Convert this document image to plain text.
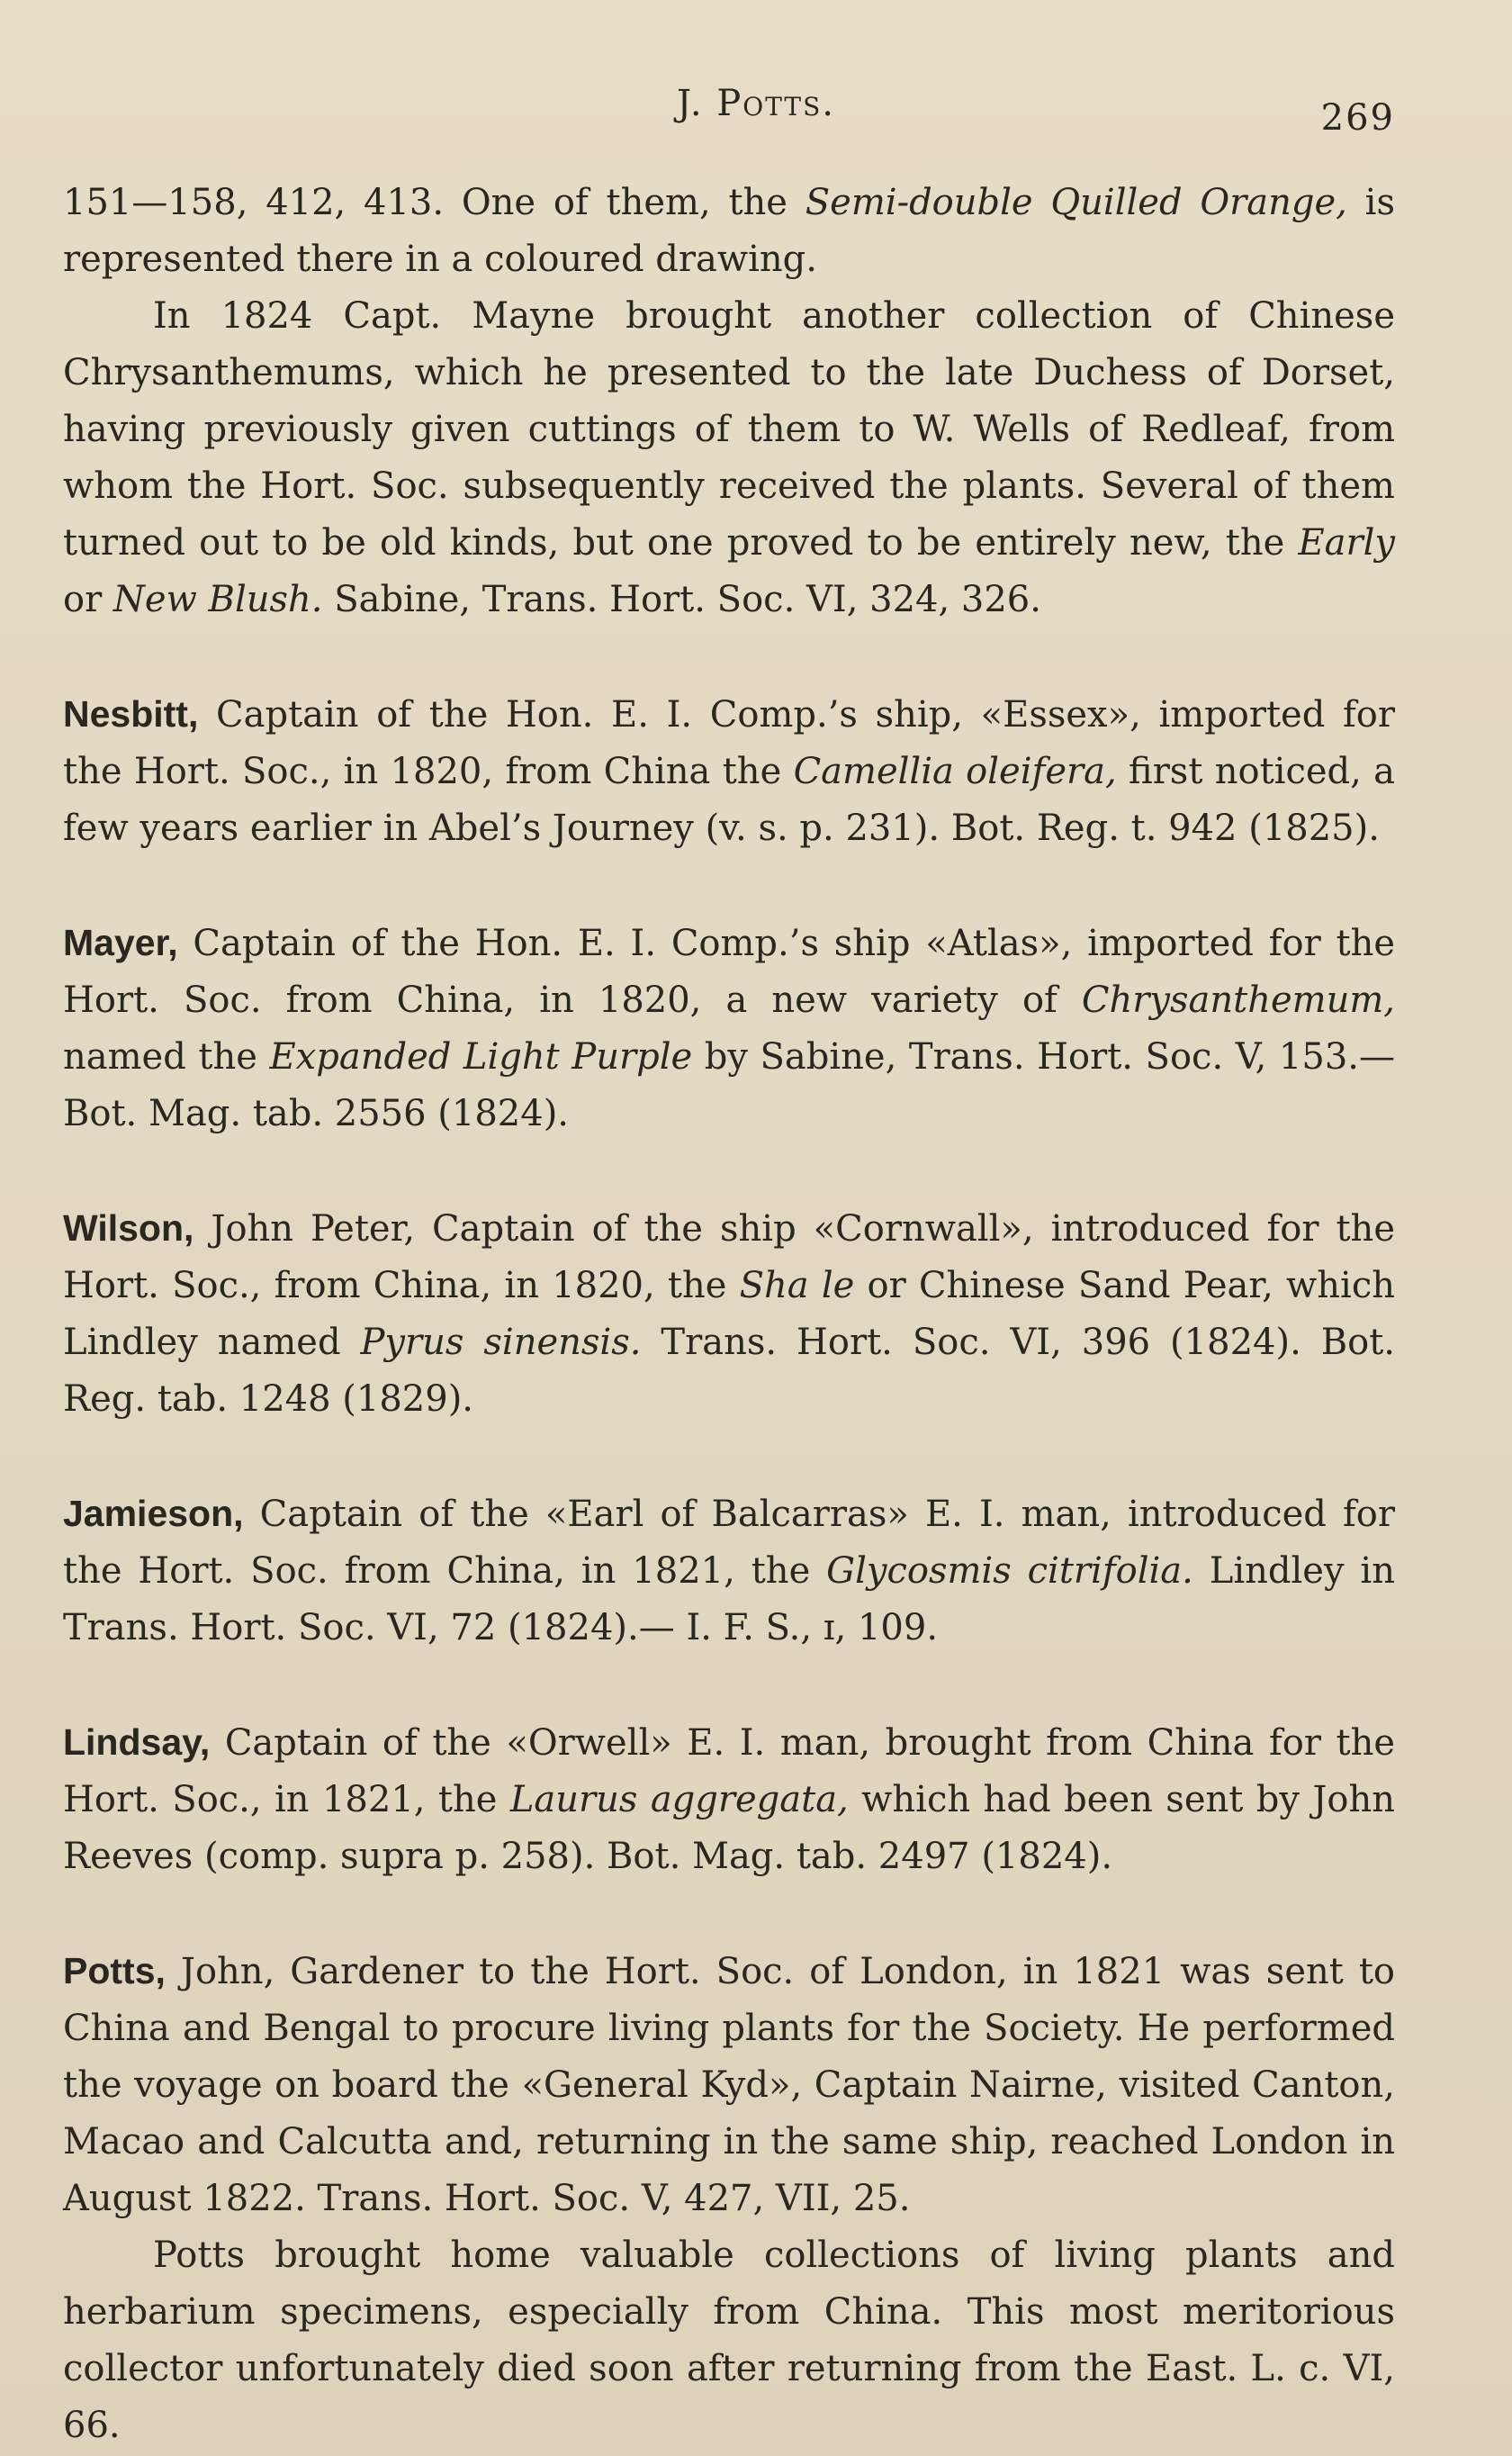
J. Potts.	269

151—158, 412, 413. One of them, the Semi-double Quilled Orange, is represented there in a coloured drawing.

In 1824 Capt. Mayne brought another collection of Chinese Chrysanthemums, which he presented to the late Duchess of Dorset, having previously given cuttings of them to W. Wells of Redleaf, from whom the Hort. Soc. subsequently received the plants. Several of them turned out to be old kinds, but one proved to be entirely new, the Early or New Blush. Sabine, Trans. Hort. Soc. VI, 324, 326.

Nesbitt, Captain of the Hon. E. I. Comp.’s ship, «Essex», imported for the Hort. Soc., in 1820, from China the Camellia oleifera, first noticed, a few years earlier in Abel’s Journey (v. s. p. 231). Bot. Reg. t. 942 (1825).

Mayer, Captain of the Hon. E. I. Comp.’s ship «Atlas», imported for the Hort. Soc. from China, in 1820, a new variety of Chrysanthemum, named the Expanded Light Purple by Sabine, Trans. Hort. Soc. V, 153.— Bot. Mag. tab. 2556 (1824).

Wilson, John Peter, Captain of the ship «Cornwall», introduced for the Hort. Soc., from China, in 1820, the Sha le or Chinese Sand Pear, which Lindley named Pyrus sinensis. Trans. Hort. Soc. VI, 396 (1824). Bot. Reg. tab. 1248 (1829).

Jamieson, Captain of the «Earl of Balcarras» E. I. man, introduced for the Hort. Soc. from China, in 1821, the Glycosmis citrifolia. Lindley in Trans. Hort. Soc. VI, 72 (1824).— I. F. S., ɪ, 109.

Lindsay, Captain of the «Orwell» E. I. man, brought from China for the Hort. Soc., in 1821, the Laurus aggregata, which had been sent by John Reeves (comp. supra p. 258). Bot. Mag. tab. 2497 (1824).

Potts, John, Gardener to the Hort. Soc. of London, in 1821 was sent to China and Bengal to procure living plants for the Society. He performed the voyage on board the «General Kyd», Captain Nairne, visited Canton, Macao and Calcutta and, returning in the same ship, reached London in August 1822. Trans. Hort. Soc. V, 427, VII, 25.

Potts brought home valuable collections of living plants and herbarium specimens, especially from China. This most meritorious collector unfortunately died soon after returning from the East. L. c. VI, 66.
